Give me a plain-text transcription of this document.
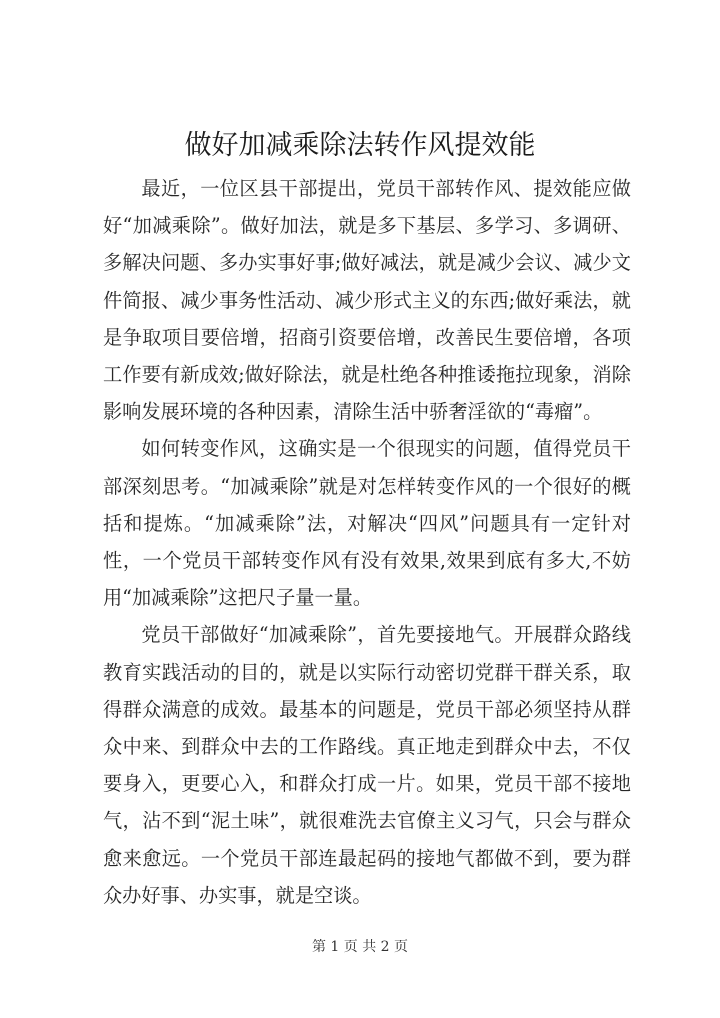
做好加减乘除法转作风提效能

最近，一位区县干部提出，党员干部转作风、提效能应做好“加减乘除”。做好加法，就是多下基层、多学习、多调研、多解决问题、多办实事好事;做好减法，就是减少会议、减少文件简报、减少事务性活动、减少形式主义的东西;做好乘法，就是争取项目要倍增，招商引资要倍增，改善民生要倍增，各项工作要有新成效;做好除法，就是杜绝各种推诿拖拉现象，消除影响发展环境的各种因素，清除生活中骄奢淫欲的“毒瘤”。

如何转变作风，这确实是一个很现实的问题，值得党员干部深刻思考。“加减乘除”就是对怎样转变作风的一个很好的概括和提炼。“加减乘除”法，对解决“四风”问题具有一定针对性，一个党员干部转变作风有没有效果,效果到底有多大,不妨用“加减乘除”这把尺子量一量。

党员干部做好“加减乘除”，首先要接地气。开展群众路线教育实践活动的目的，就是以实际行动密切党群干群关系，取得群众满意的成效。最基本的问题是，党员干部必须坚持从群众中来、到群众中去的工作路线。真正地走到群众中去，不仅要身入，更要心入，和群众打成一片。如果，党员干部不接地气，沾不到“泥土味”，就很难洗去官僚主义习气，只会与群众愈来愈远。一个党员干部连最起码的接地气都做不到，要为群众办好事、办实事，就是空谈。

第 1 页 共 2 页
